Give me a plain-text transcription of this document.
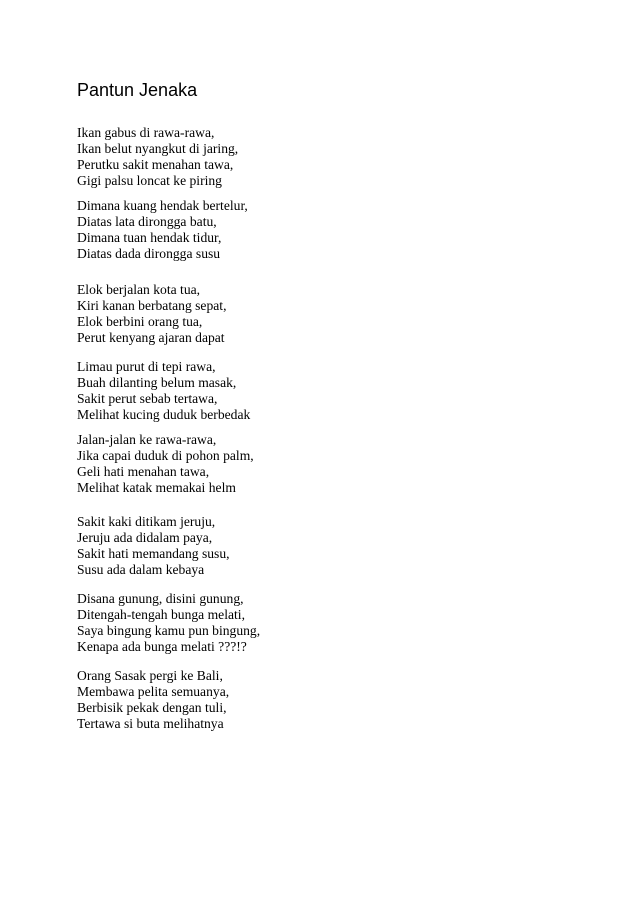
Pantun Jenaka
Ikan gabus di rawa-rawa,
Ikan belut nyangkut di jaring,
Perutku sakit menahan tawa,
Gigi palsu loncat ke piring
Dimana kuang hendak bertelur,
Diatas lata dirongga batu,
Dimana tuan hendak tidur,
Diatas dada dirongga susu
Elok berjalan kota tua,
Kiri kanan berbatang sepat,
Elok berbini orang tua,
Perut kenyang ajaran dapat
Limau purut di tepi rawa,
Buah dilanting belum masak,
Sakit perut sebab tertawa,
Melihat kucing duduk berbedak
Jalan-jalan ke rawa-rawa,
Jika capai duduk di pohon palm,
Geli hati menahan tawa,
Melihat katak memakai helm
Sakit kaki ditikam jeruju,
Jeruju ada didalam paya,
Sakit hati memandang susu,
Susu ada dalam kebaya
Disana gunung, disini gunung,
Ditengah-tengah bunga melati,
Saya bingung kamu pun bingung,
Kenapa ada bunga melati ???!?
Orang Sasak pergi ke Bali,
Membawa pelita semuanya,
Berbisik pekak dengan tuli,
Tertawa si buta melihatnya
